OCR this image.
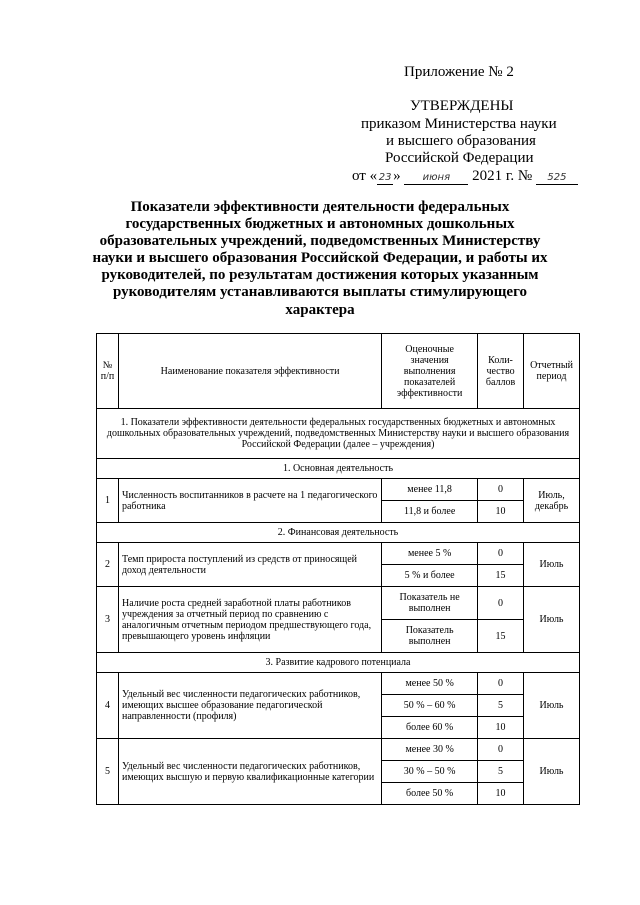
Приложение № 2
УТВЕРЖДЕНЫ
приказом Министерства науки
и высшего образования
Российской Федерации
от « 23 » июня 2021 г. № 525
Показатели эффективности деятельности федеральных государственных бюджетных и автономных дошкольных образовательных учреждений, подведомственных Министерству науки и высшего образования Российской Федерации, и работы их руководителей, по результатам достижения которых указанным руководителям устанавливаются выплаты стимулирующего характера
№ п/п	Наименование показателя эффективности	Оценочные значения выполнения показателей эффективности	Коли-чество баллов	Отчетный период
1. Показатели эффективности деятельности федеральных государственных бюджетных и автономных дошкольных образовательных учреждений, подведомственных Министерству науки и высшего образования Российской Федерации (далее – учреждения)				
1. Основная деятельность				
1	Численность воспитанников в расчете на 1 педагогического работника	менее 11,8	0	Июль, декабрь
		11,8 и более	10	
2. Финансовая деятельность				
2	Темп прироста поступлений из средств от приносящей доход деятельности	менее 5 %	0	Июль
		5 % и более	15	
3	Наличие роста средней заработной платы работников учреждения за отчетный период по сравнению с аналогичным отчетным периодом предшествующего года, превышающего уровень инфляции	Показатель не выполнен	0	Июль
		Показатель выполнен	15	
3. Развитие кадрового потенциала				
4	Удельный вес численности педагогических работников, имеющих высшее образование педагогической направленности (профиля)	менее 50 %	0	Июль
		50 % – 60 %	5	
		более 60 %	10	
5	Удельный вес численности педагогических работников, имеющих высшую и первую квалификационные категории	менее 30 %	0	Июль
		30 % – 50 %	5	
		более 50 %	10	
